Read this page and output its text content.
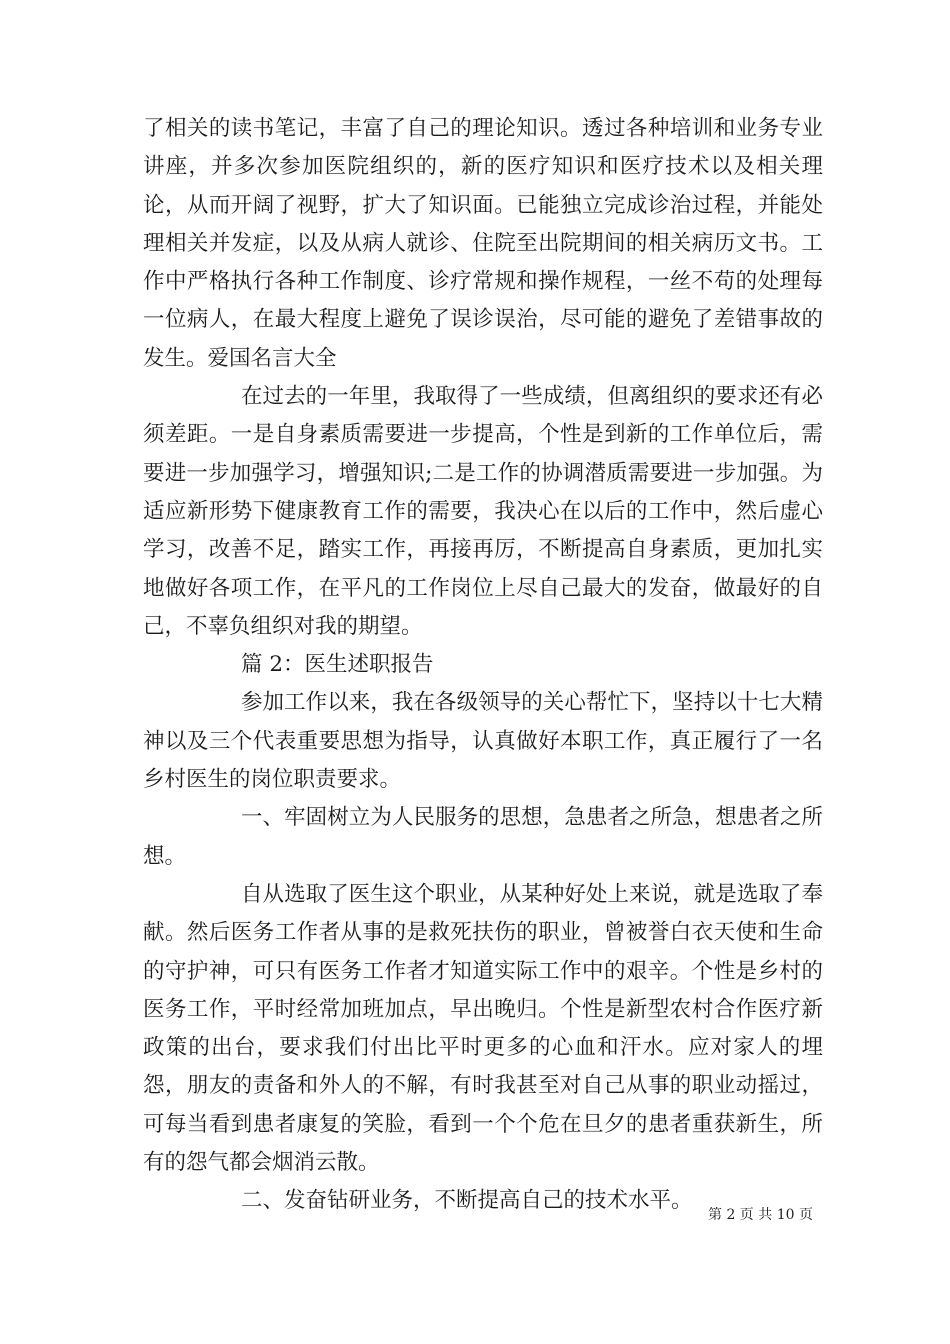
了相关的读书笔记，丰富了自己的理论知识。透过各种培训和业务专业讲座，并多次参加医院组织的，新的医疗知识和医疗技术以及相关理论，从而开阔了视野，扩大了知识面。已能独立完成诊治过程，并能处理相关并发症，以及从病人就诊、住院至出院期间的相关病历文书。工作中严格执行各种工作制度、诊疗常规和操作规程，一丝不苟的处理每一位病人，在最大程度上避免了误诊误治，尽可能的避免了差错事故的发生。爱国名言大全

在过去的一年里，我取得了一些成绩，但离组织的要求还有必须差距。一是自身素质需要进一步提高，个性是到新的工作单位后，需要进一步加强学习，增强知识;二是工作的协调潜质需要进一步加强。为适应新形势下健康教育工作的需要，我决心在以后的工作中，然后虚心学习，改善不足，踏实工作，再接再厉，不断提高自身素质，更加扎实地做好各项工作，在平凡的工作岗位上尽自己最大的发奋，做最好的自己，不辜负组织对我的期望。

篇 2：医生述职报告

参加工作以来，我在各级领导的关心帮忙下，坚持以十七大精神以及三个代表重要思想为指导，认真做好本职工作，真正履行了一名乡村医生的岗位职责要求。

一、牢固树立为人民服务的思想，急患者之所急，想患者之所想。

自从选取了医生这个职业，从某种好处上来说，就是选取了奉献。然后医务工作者从事的是救死扶伤的职业，曾被誉白衣天使和生命的守护神，可只有医务工作者才知道实际工作中的艰辛。个性是乡村的医务工作，平时经常加班加点，早出晚归。个性是新型农村合作医疗新政策的出台，要求我们付出比平时更多的心血和汗水。应对家人的埋怨，朋友的责备和外人的不解，有时我甚至对自己从事的职业动摇过，可每当看到患者康复的笑脸，看到一个个危在旦夕的患者重获新生，所有的怨气都会烟消云散。

二、发奋钻研业务，不断提高自己的技术水平。

第 2 页 共 10 页
